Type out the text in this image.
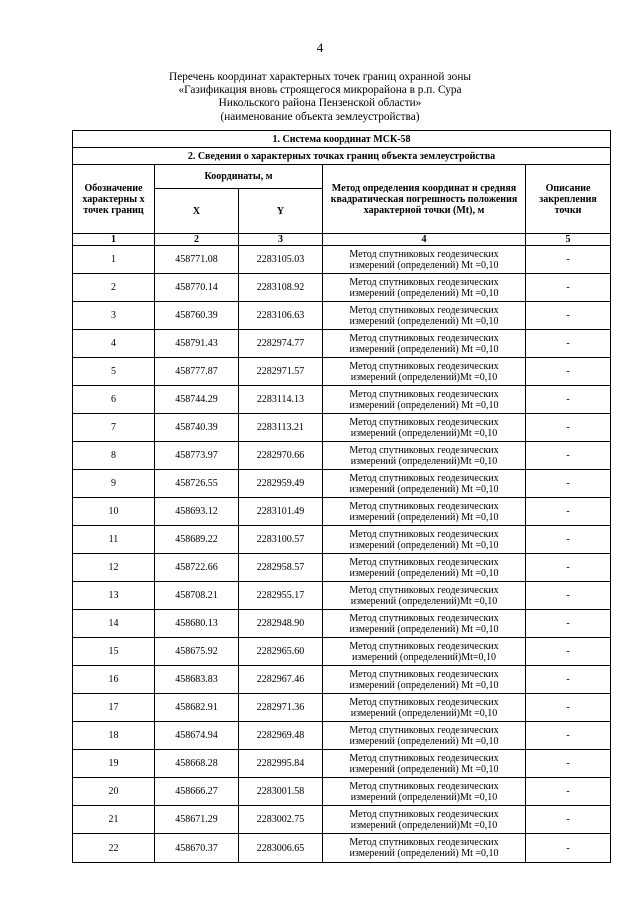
4
Перечень координат характерных точек границ охранной зоны
«Газификация вновь строящегося микрорайона в р.п. Сура
Никольского района Пензенской области»
(наименование объекта землеустройства)
1. Система координат МСК-58				
2. Сведения о характерных точках границ объекта землеустройства				
Обозначение характерны х точек границ	Координаты, м		Метод определения координат и средняя квадратическая погрешность положения характерной точки (Mt), м	Описание закрепления точки
	X	Y		
1	2	3	4	5
1	458771.08	2283105.03	Метод спутниковых геодезических
измерений (определений) Mt =0,10	-
2	458770.14	2283108.92	Метод спутниковых геодезических
измерений (определений) Mt =0,10	-
3	458760.39	2283106.63	Метод спутниковых геодезических
измерений (определений) Mt =0,10	-
4	458791.43	2282974.77	Метод спутниковых геодезических
измерений (определений) Mt =0,10	-
5	458777.87	2282971.57	Метод спутниковых геодезических
измерений (определений)Mt =0,10	-
6	458744.29	2283114.13	Метод спутниковых геодезических
измерений (определений) Mt =0,10	-
7	458740.39	2283113.21	Метод спутниковых геодезических
измерений (определений)Mt =0,10	-
8	458773.97	2282970.66	Метод спутниковых геодезических
измерений (определений)Mt =0,10	-
9	458726.55	2282959.49	Метод спутниковых геодезических
измерений (определений) Mt =0,10	-
10	458693.12	2283101.49	Метод спутниковых геодезических
измерений (определений) Mt =0,10	-
11	458689.22	2283100.57	Метод спутниковых геодезических
измерений (определений) Mt =0,10	-
12	458722.66	2282958.57	Метод спутниковых геодезических
измерений (определений) Mt =0,10	-
13	458708.21	2282955.17	Метод спутниковых геодезических
измерений (определений)Mt =0,10	-
14	458680.13	2282948.90	Метод спутниковых геодезических
измерений (определений) Mt =0,10	-
15	458675.92	2282965.60	Метод спутниковых геодезических
измерений (определений)Mt=0,10	-
16	458683.83	2282967.46	Метод спутниковых геодезических
измерений (определений) Mt =0,10	-
17	458682.91	2282971.36	Метод спутниковых геодезических
измерений (определений)Mt =0,10	-
18	458674.94	2282969.48	Метод спутниковых геодезических
измерений (определений) Mt =0,10	-
19	458668.28	2282995.84	Метод спутниковых геодезических
измерений (определений) Mt =0,10	-
20	458666.27	2283001.58	Метод спутниковых геодезических
измерений (определений)Mt =0,10	-
21	458671.29	2283002.75	Метод спутниковых геодезических
измерений (определений)Mt =0,10	-
22	458670.37	2283006.65	Метод спутниковых геодезических
измерений (определений) Mt =0,10	-
